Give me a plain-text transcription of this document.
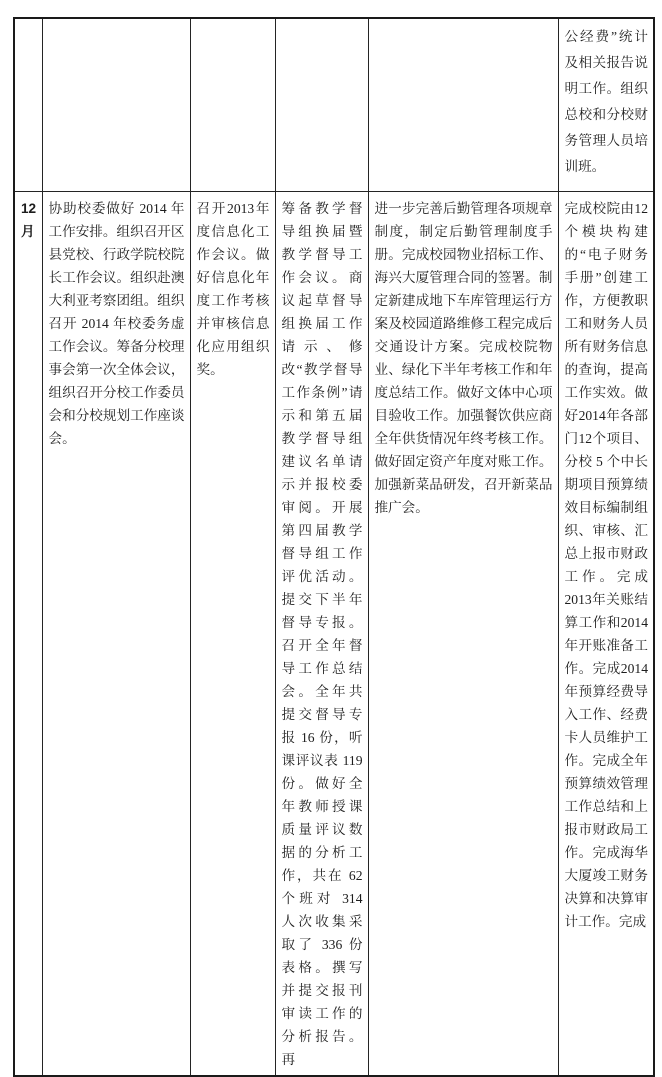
					公经费”统计及相关报告说明工作。组织总校和分校财务管理人员培训班。
12月	协助校委做好 2014 年工作安排。组织召开区县党校、行政学院校院长工作会议。组织赴澳大利亚考察团组。组织召开 2014 年校委务虚工作会议。筹备分校理事会第一次全体会议，组织召开分校工作委员会和分校规划工作座谈会。	召开2013年度信息化工作会议。做好信息化年度工作考核并审核信息化应用组织奖。	筹备教学督导组换届暨教学督导工作会议。商议起草督导组换届工作请示、修改“教学督导工作条例”请示和第五届教学督导组建议名单请示并报校委审阅。开展第四届教学督导组工作评优活动。提交下半年督导专报。召开全年督导工作总结会。全年共提交督导专报 16 份，听课评议表 119 份。做好全年教师授课质量评议数据的分析工作，共在 62 个班对 314 人次收集采取了 336 份表格。撰写并提交报刊审读工作的分析报告。再	进一步完善后勤管理各项规章制度，制定后勤管理制度手册。完成校园物业招标工作、海兴大厦管理合同的签署。制定新建成地下车库管理运行方案及校园道路维修工程完成后交通设计方案。完成校院物业、绿化下半年考核工作和年度总结工作。做好文体中心项目验收工作。加强餐饮供应商全年供货情况年终考核工作。做好固定资产年度对账工作。加强新菜品研发，召开新菜品推广会。	完成校院由12个模块构建的“电子财务手册”创建工作，方便教职工和财务人员所有财务信息的查询，提高工作实效。做好2014年各部门12个项目、分校 5 个中长期项目预算绩效目标编制组织、审核、汇总上报市财政工作。完成2013年关账结算工作和2014年开账准备工作。完成2014年预算经费导入工作、经费卡人员维护工作。完成全年预算绩效管理工作总结和上报市财政局工作。完成海华大厦竣工财务决算和决算审计工作。完成
